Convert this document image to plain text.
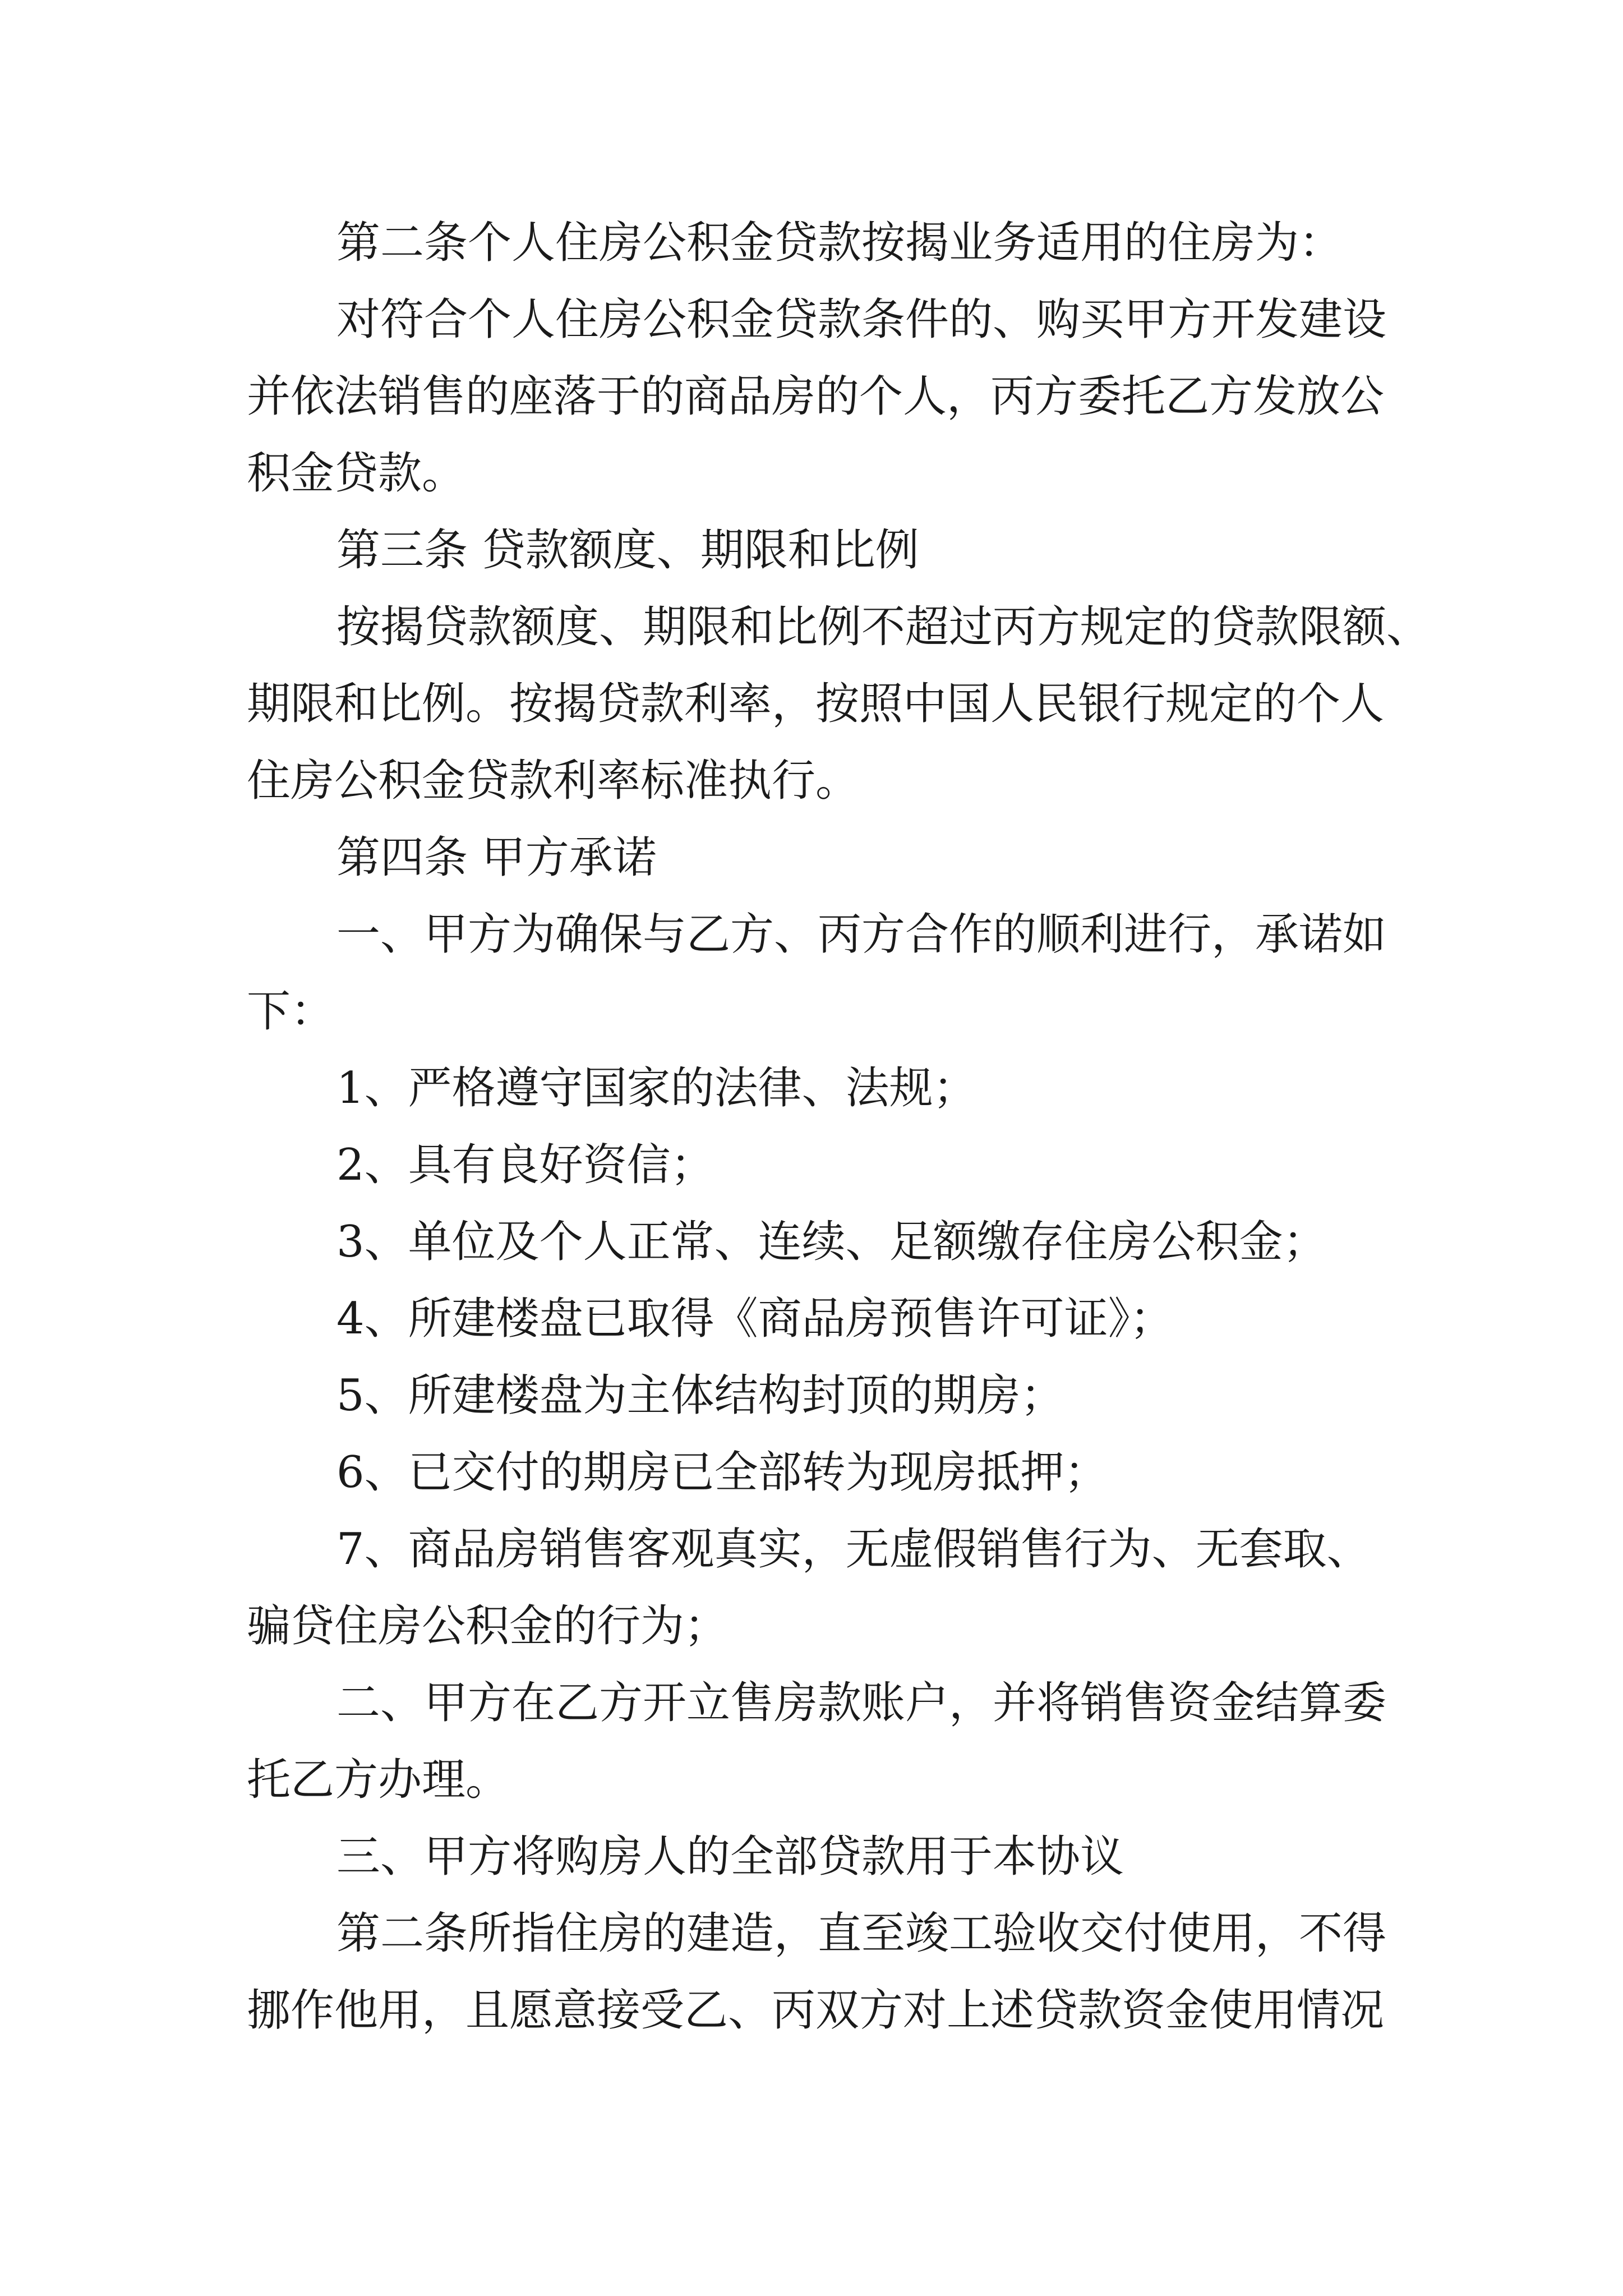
第二条个人住房公积金贷款按揭业务适用的住房为：

对符合个人住房公积金贷款条件的、购买甲方开发建设

并依法销售的座落于的商品房的个人，丙方委托乙方发放公

积金贷款。

第三条 贷款额度、期限和比例

按揭贷款额度、期限和比例不超过丙方规定的贷款限额、

期限和比例。按揭贷款利率，按照中国人民银行规定的个人

住房公积金贷款利率标准执行。

第四条 甲方承诺

一、甲方为确保与乙方、丙方合作的顺利进行，承诺如

下：

1、严格遵守国家的法律、法规；

2、具有良好资信；

3、单位及个人正常、连续、足额缴存住房公积金；

4、所建楼盘已取得《商品房预售许可证》；

5、所建楼盘为主体结构封顶的期房；

6、已交付的期房已全部转为现房抵押；

7、商品房销售客观真实，无虚假销售行为、无套取、

骗贷住房公积金的行为；

二、甲方在乙方开立售房款账户，并将销售资金结算委

托乙方办理。

三、甲方将购房人的全部贷款用于本协议

第二条所指住房的建造，直至竣工验收交付使用，不得

挪作他用，且愿意接受乙、丙双方对上述贷款资金使用情况
